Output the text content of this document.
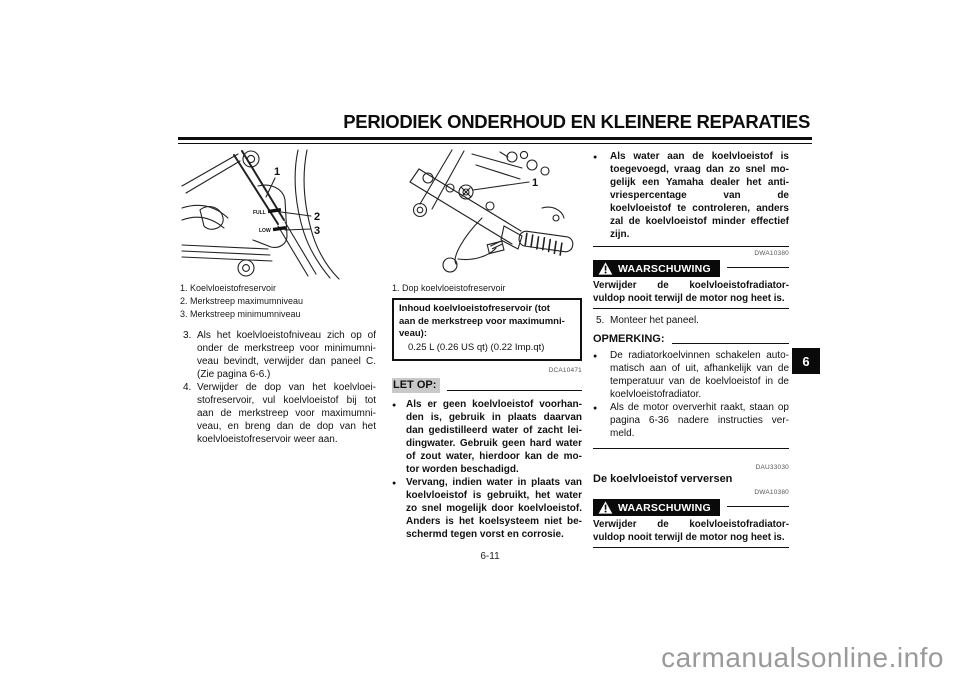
PERIODIEK ONDERHOUD EN KLEINERE REPARATIES
FULL
LOW
1
2
3
1. Koelvloeistofreservoir
2. Merkstreep maximumniveau
3. Merkstreep minimumniveau
3. Als het koelvloeistofniveau zich op of
onder de merkstreep voor minimumni-
veau bevindt, verwijder dan paneel C.
(Zie pagina 6-6.)
4. Verwijder de dop van het koelvloei-
stofreservoir, vul koelvloeistof bij tot
aan de merkstreep voor maximumni-
veau, en breng dan de dop van het
koelvloeistofreservoir weer aan.
1
1. Dop koelvloeistofreservoir
Inhoud koelvloeistofreservoir (tot
aan de merkstreep voor maximumni-
veau):
0.25 L (0.26 US qt) (0.22 Imp.qt)
DCA10471
LET OP:
● Als er geen koelvloeistof voorhan-
den is, gebruik in plaats daarvan
dan gedistilleerd water of zacht lei-
dingwater. Gebruik geen hard water
of zout water, hierdoor kan de mo-
tor worden beschadigd.
● Vervang, indien water in plaats van
koelvloeistof is gebruikt, het water
zo snel mogelijk door koelvloeistof.
Anders is het koelsysteem niet be-
schermd tegen vorst en corrosie.
●	Als water aan de koelvloeistof is
toegevoegd, vraag dan zo snel mo-
gelijk een Yamaha dealer het anti-
vriespercentage van de
koelvloeistof te controleren, anders
zal de koelvloeistof minder effectief
zijn.
DWA10380
WAARSCHUWING
Verwijder de koelvloeistofradiator-
vuldop nooit terwijl de motor nog heet is.
5. Monteer het paneel.
OPMERKING:
●	De radiatorkoelvinnen schakelen auto-
matisch aan of uit, afhankelijk van de
temperatuur van de koelvloeistof in de
koelvloeistofradiator.
●	Als de motor oververhit raakt, staan op
pagina 6-36 nadere instructies ver-
meld.
DAU33030
De koelvloeistof verversen
DWA10380
WAARSCHUWING
Verwijder de koelvloeistofradiator-
vuldop nooit terwijl de motor nog heet is.
6
6-11
carmanualsonline.info
